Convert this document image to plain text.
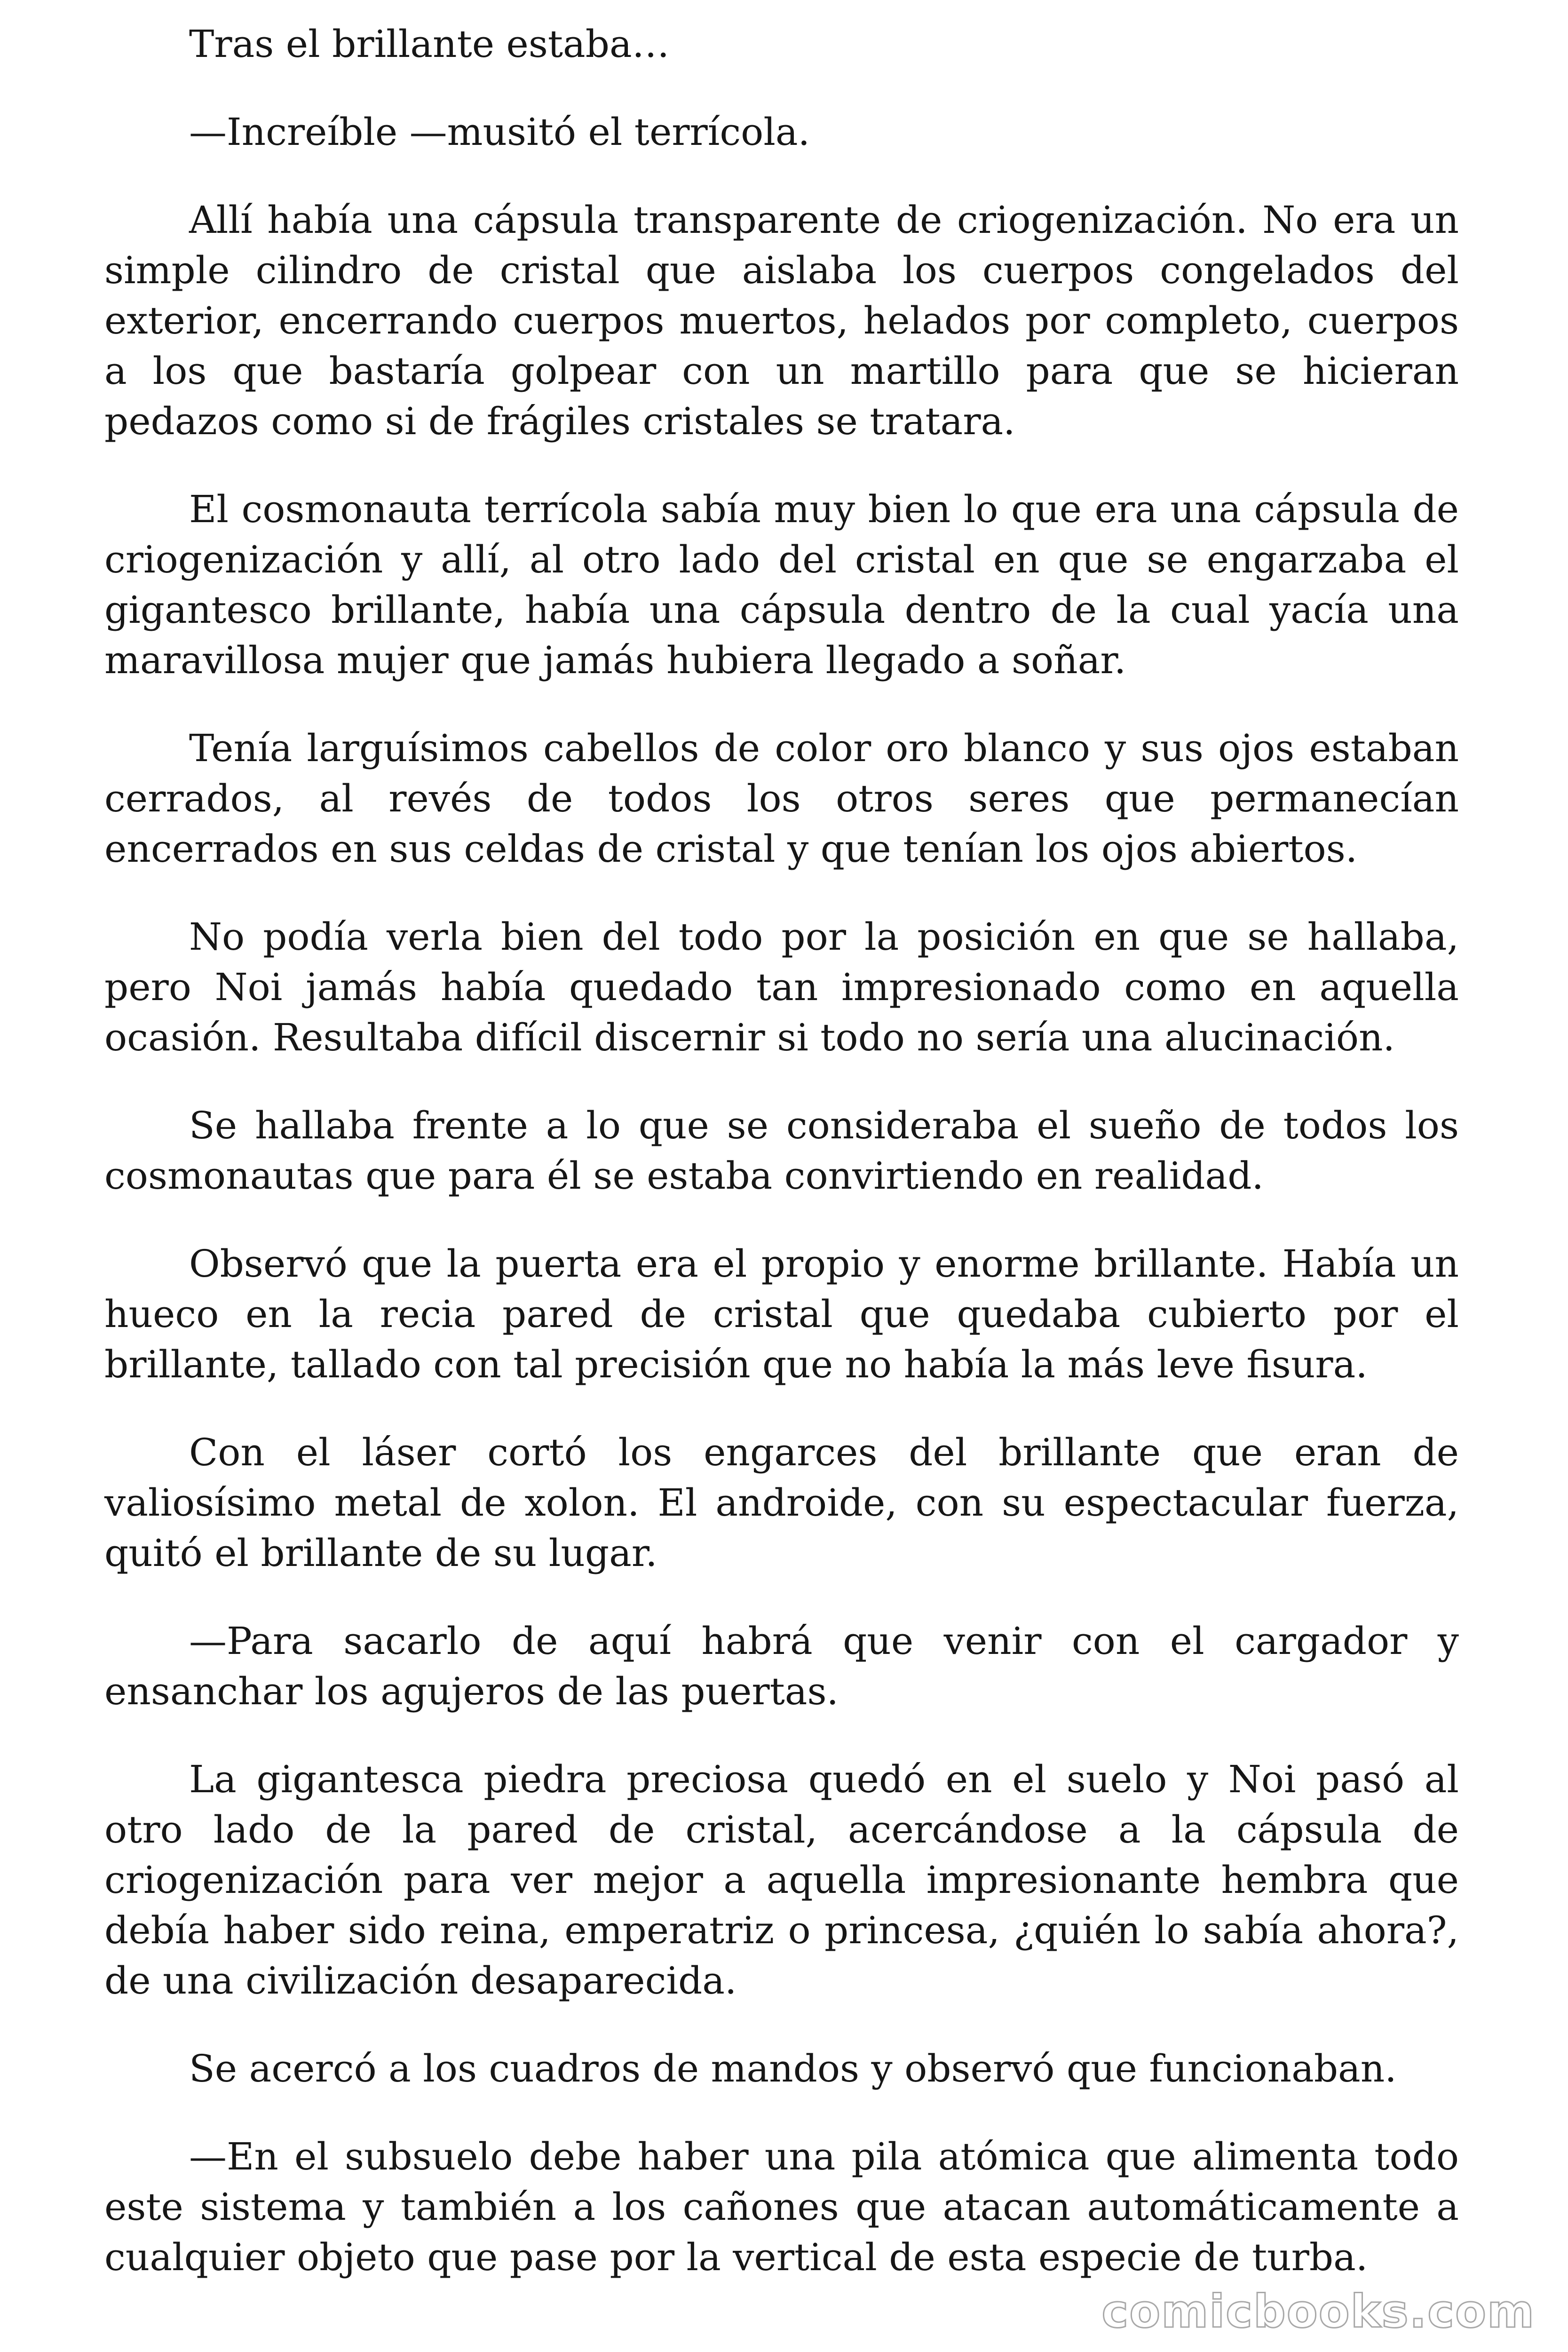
Tras el brillante estaba…

—Increíble —musitó el terrícola.

Allí había una cápsula transparente de criogenización. No era un simple cilindro de cristal que aislaba los cuerpos congelados del exterior, encerrando cuerpos muertos, helados por completo, cuerpos a los que bastaría golpear con un martillo para que se hicieran pedazos como si de frágiles cristales se tratara.

El cosmonauta terrícola sabía muy bien lo que era una cápsula de criogenización y allí, al otro lado del cristal en que se engarzaba el gigantesco brillante, había una cápsula dentro de la cual yacía una maravillosa mujer que jamás hubiera llegado a soñar.

Tenía larguísimos cabellos de color oro blanco y sus ojos estaban cerrados, al revés de todos los otros seres que permanecían encerrados en sus celdas de cristal y que tenían los ojos abiertos.

No podía verla bien del todo por la posición en que se hallaba, pero Noi jamás había quedado tan impresionado como en aquella ocasión. Resultaba difícil discernir si todo no sería una alucinación.

Se hallaba frente a lo que se consideraba el sueño de todos los cosmonautas que para él se estaba convirtiendo en realidad.

Observó que la puerta era el propio y enorme brillante. Había un hueco en la recia pared de cristal que quedaba cubierto por el brillante, tallado con tal precisión que no había la más leve fisura.

Con el láser cortó los engarces del brillante que eran de valiosísimo metal de xolon. El androide, con su espectacular fuerza, quitó el brillante de su lugar.

—Para sacarlo de aquí habrá que venir con el cargador y ensanchar los agujeros de las puertas.

La gigantesca piedra preciosa quedó en el suelo y Noi pasó al otro lado de la pared de cristal, acercándose a la cápsula de criogenización para ver mejor a aquella impresionante hembra que debía haber sido reina, emperatriz o princesa, ¿quién lo sabía ahora?, de una civilización desaparecida.

Se acercó a los cuadros de mandos y observó que funcionaban.

—En el subsuelo debe haber una pila atómica que alimenta todo este sistema y también a los cañones que atacan automáticamente a cualquier objeto que pase por la vertical de esta especie de turba.

comicbooks.com
